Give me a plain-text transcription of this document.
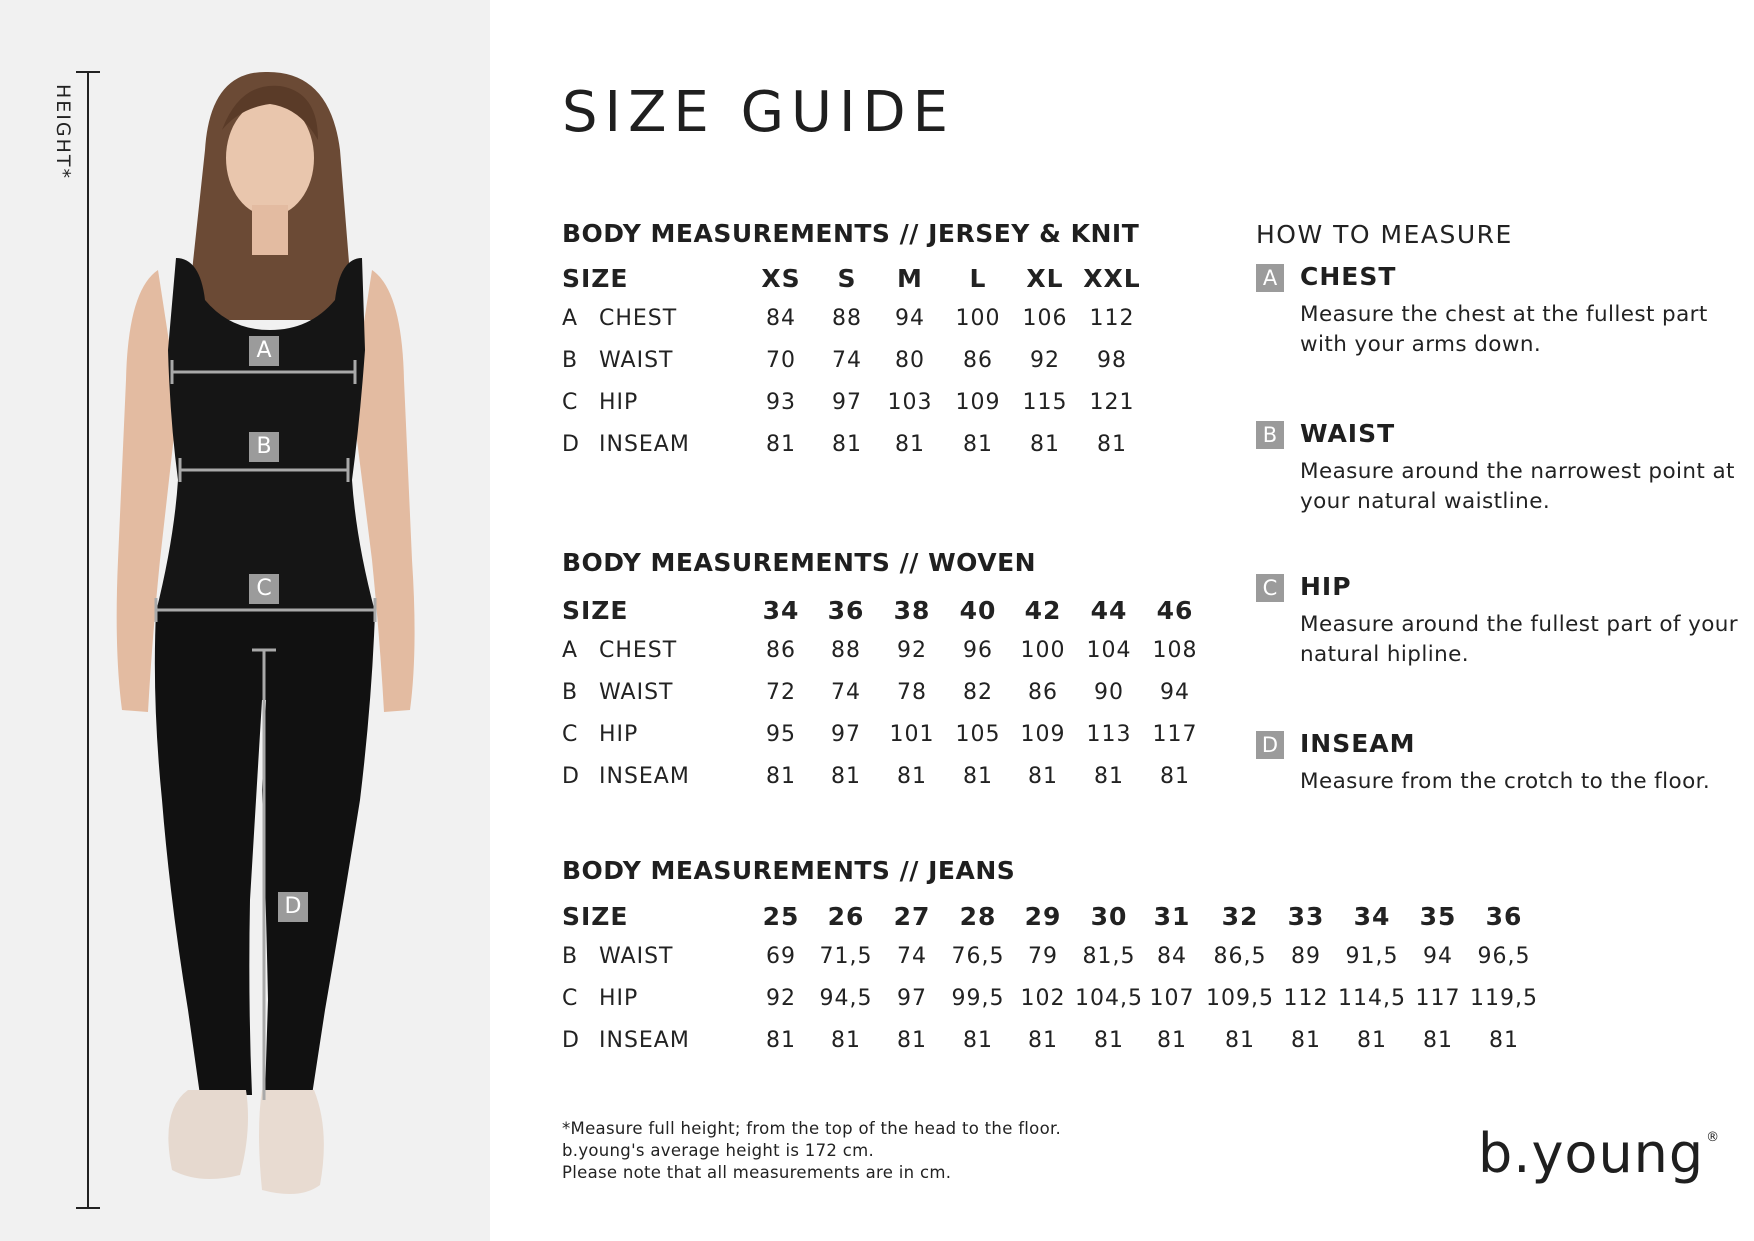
HEIGHT*
A
B
C
D
SIZE GUIDE
BODY MEASUREMENTS // JERSEY & KNIT
SIZE	XS	S	M	L	XL XXL
A CHEST	84	88	94	100	106	112
B WAIST	70	74	80	86	92	98
C HIP	93	97	103	109	115	121
D INSEAM	81	81	81	81	81	81
BODY MEASUREMENTS // WOVEN
SIZE	34	36	38	40	42	44	46
A CHEST	86	88	92	96	100 104 108
B WAIST	72	74	78	82	86	90	94
C HIP	95	97	101 105 109 113 117
D INSEAM	81	81	81	81	81	81	81
BODY MEASUREMENTS // JEANS
SIZE	25	26	27	28	29	30	31	32	33	34	35	36
B WAIST	69	71,5	74	76,5	79	81,5 84	86,5	89	91,5	94	96,5
C HIP	92	94,5	97	99,5 102 104,5 107 109,5 112 114,5 117 119,5
D INSEAM	81	81	81	81	81	81	81	81	81	81	81	81
HOW TO MEASURE
A CHEST
Measure the chest at the fullest part with your arms down.
B WAIST
Measure around the narrowest point at your natural waistline.
C HIP
Measure around the fullest part of your natural hipline.
D INSEAM
Measure from the crotch to the floor.
*Measure full height; from the top of the head to the floor.
b.young's average height is 172 cm.
Please note that all measurements are in cm.	b.young ®
